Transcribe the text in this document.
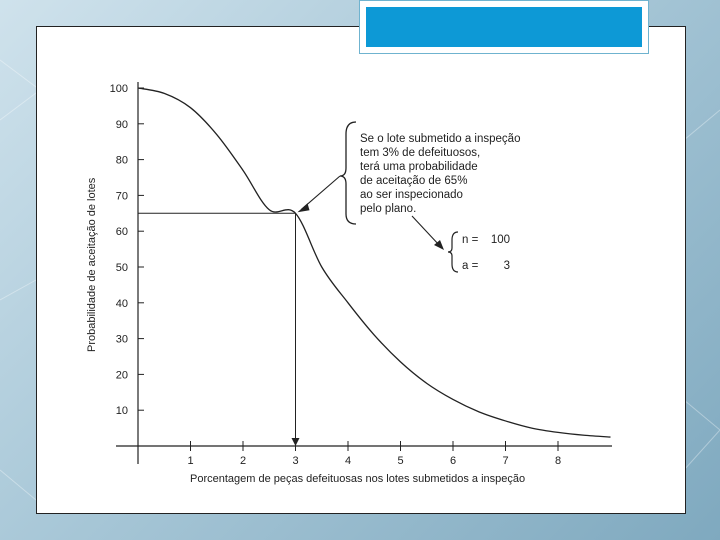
10
20
30
40
50
60
70
80
90
100
1	2	3	4	5	6	7	8
Probabilidade de aceitação de lotes
Porcentagem de peças defeituosas nos lotes submetidos a inspeção
Se o lote submetido a inspeção
tem 3% de defeituosos,
terá uma probabilidade
de aceitação de 65%
ao ser inspecionado
pelo plano.
n = 100
a = 3
